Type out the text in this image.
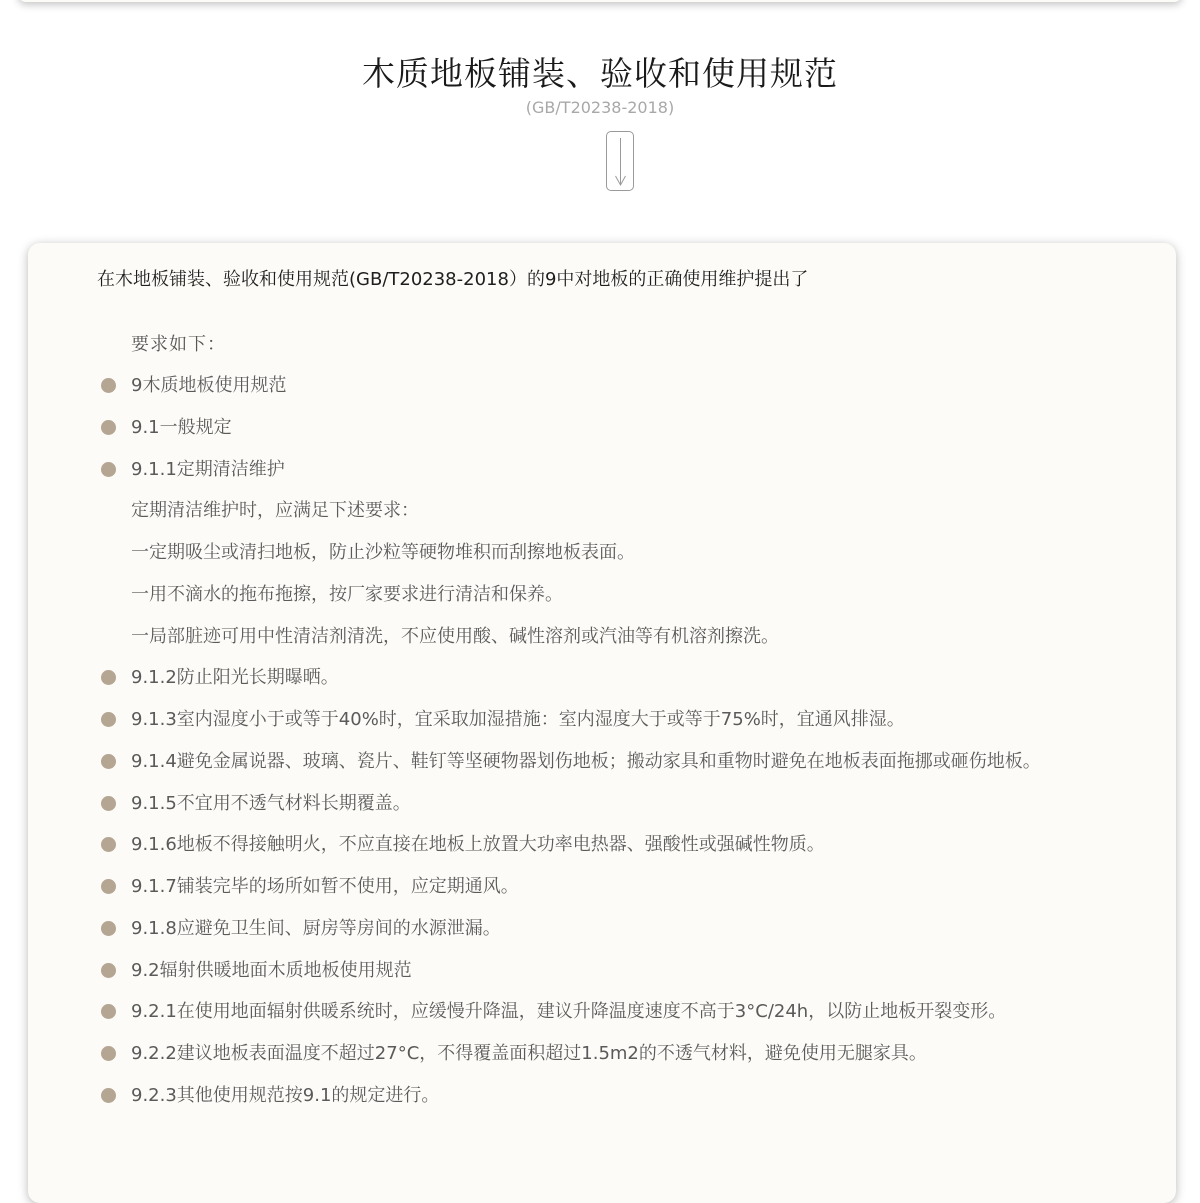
木质地板铺装、验收和使用规范
(GB/T20238-2018)

在木地板铺装、验收和使用规范(GB/T20238-2018）的9中对地板的正确使用维护提出了

要求如下：

9木质地板使用规范
9.1一般规定
9.1.1定期清洁维护
定期清洁维护时，应满足下述要求：
一定期吸尘或清扫地板，防止沙粒等硬物堆积而刮擦地板表面。
一用不滴水的拖布拖擦，按厂家要求进行清洁和保养。
一局部脏迹可用中性清洁剂清洗，不应使用酸、碱性溶剂或汽油等有机溶剂擦洗。
9.1.2防止阳光长期曝晒。
9.1.3室内湿度小于或等于40%时，宜采取加湿措施：室内湿度大于或等于75%时，宜通风排湿。
9.1.4避免金属说器、玻璃、瓷片、鞋钉等坚硬物器划伤地板；搬动家具和重物时避免在地板表面拖挪或砸伤地板。
9.1.5不宜用不透气材料长期覆盖。
9.1.6地板不得接触明火，不应直接在地板上放置大功率电热器、强酸性或强碱性物质。
9.1.7铺装完毕的场所如暂不使用，应定期通风。
9.1.8应避免卫生间、厨房等房间的水源泄漏。
9.2辐射供暖地面木质地板使用规范
9.2.1在使用地面辐射供暖系统时，应缓慢升降温，建议升降温度速度不高于3°C/24h，以防止地板开裂变形。
9.2.2建议地板表面温度不超过27°C，不得覆盖面积超过1.5m2的不透气材料，避免使用无腿家具。
9.2.3其他使用规范按9.1的规定进行。
